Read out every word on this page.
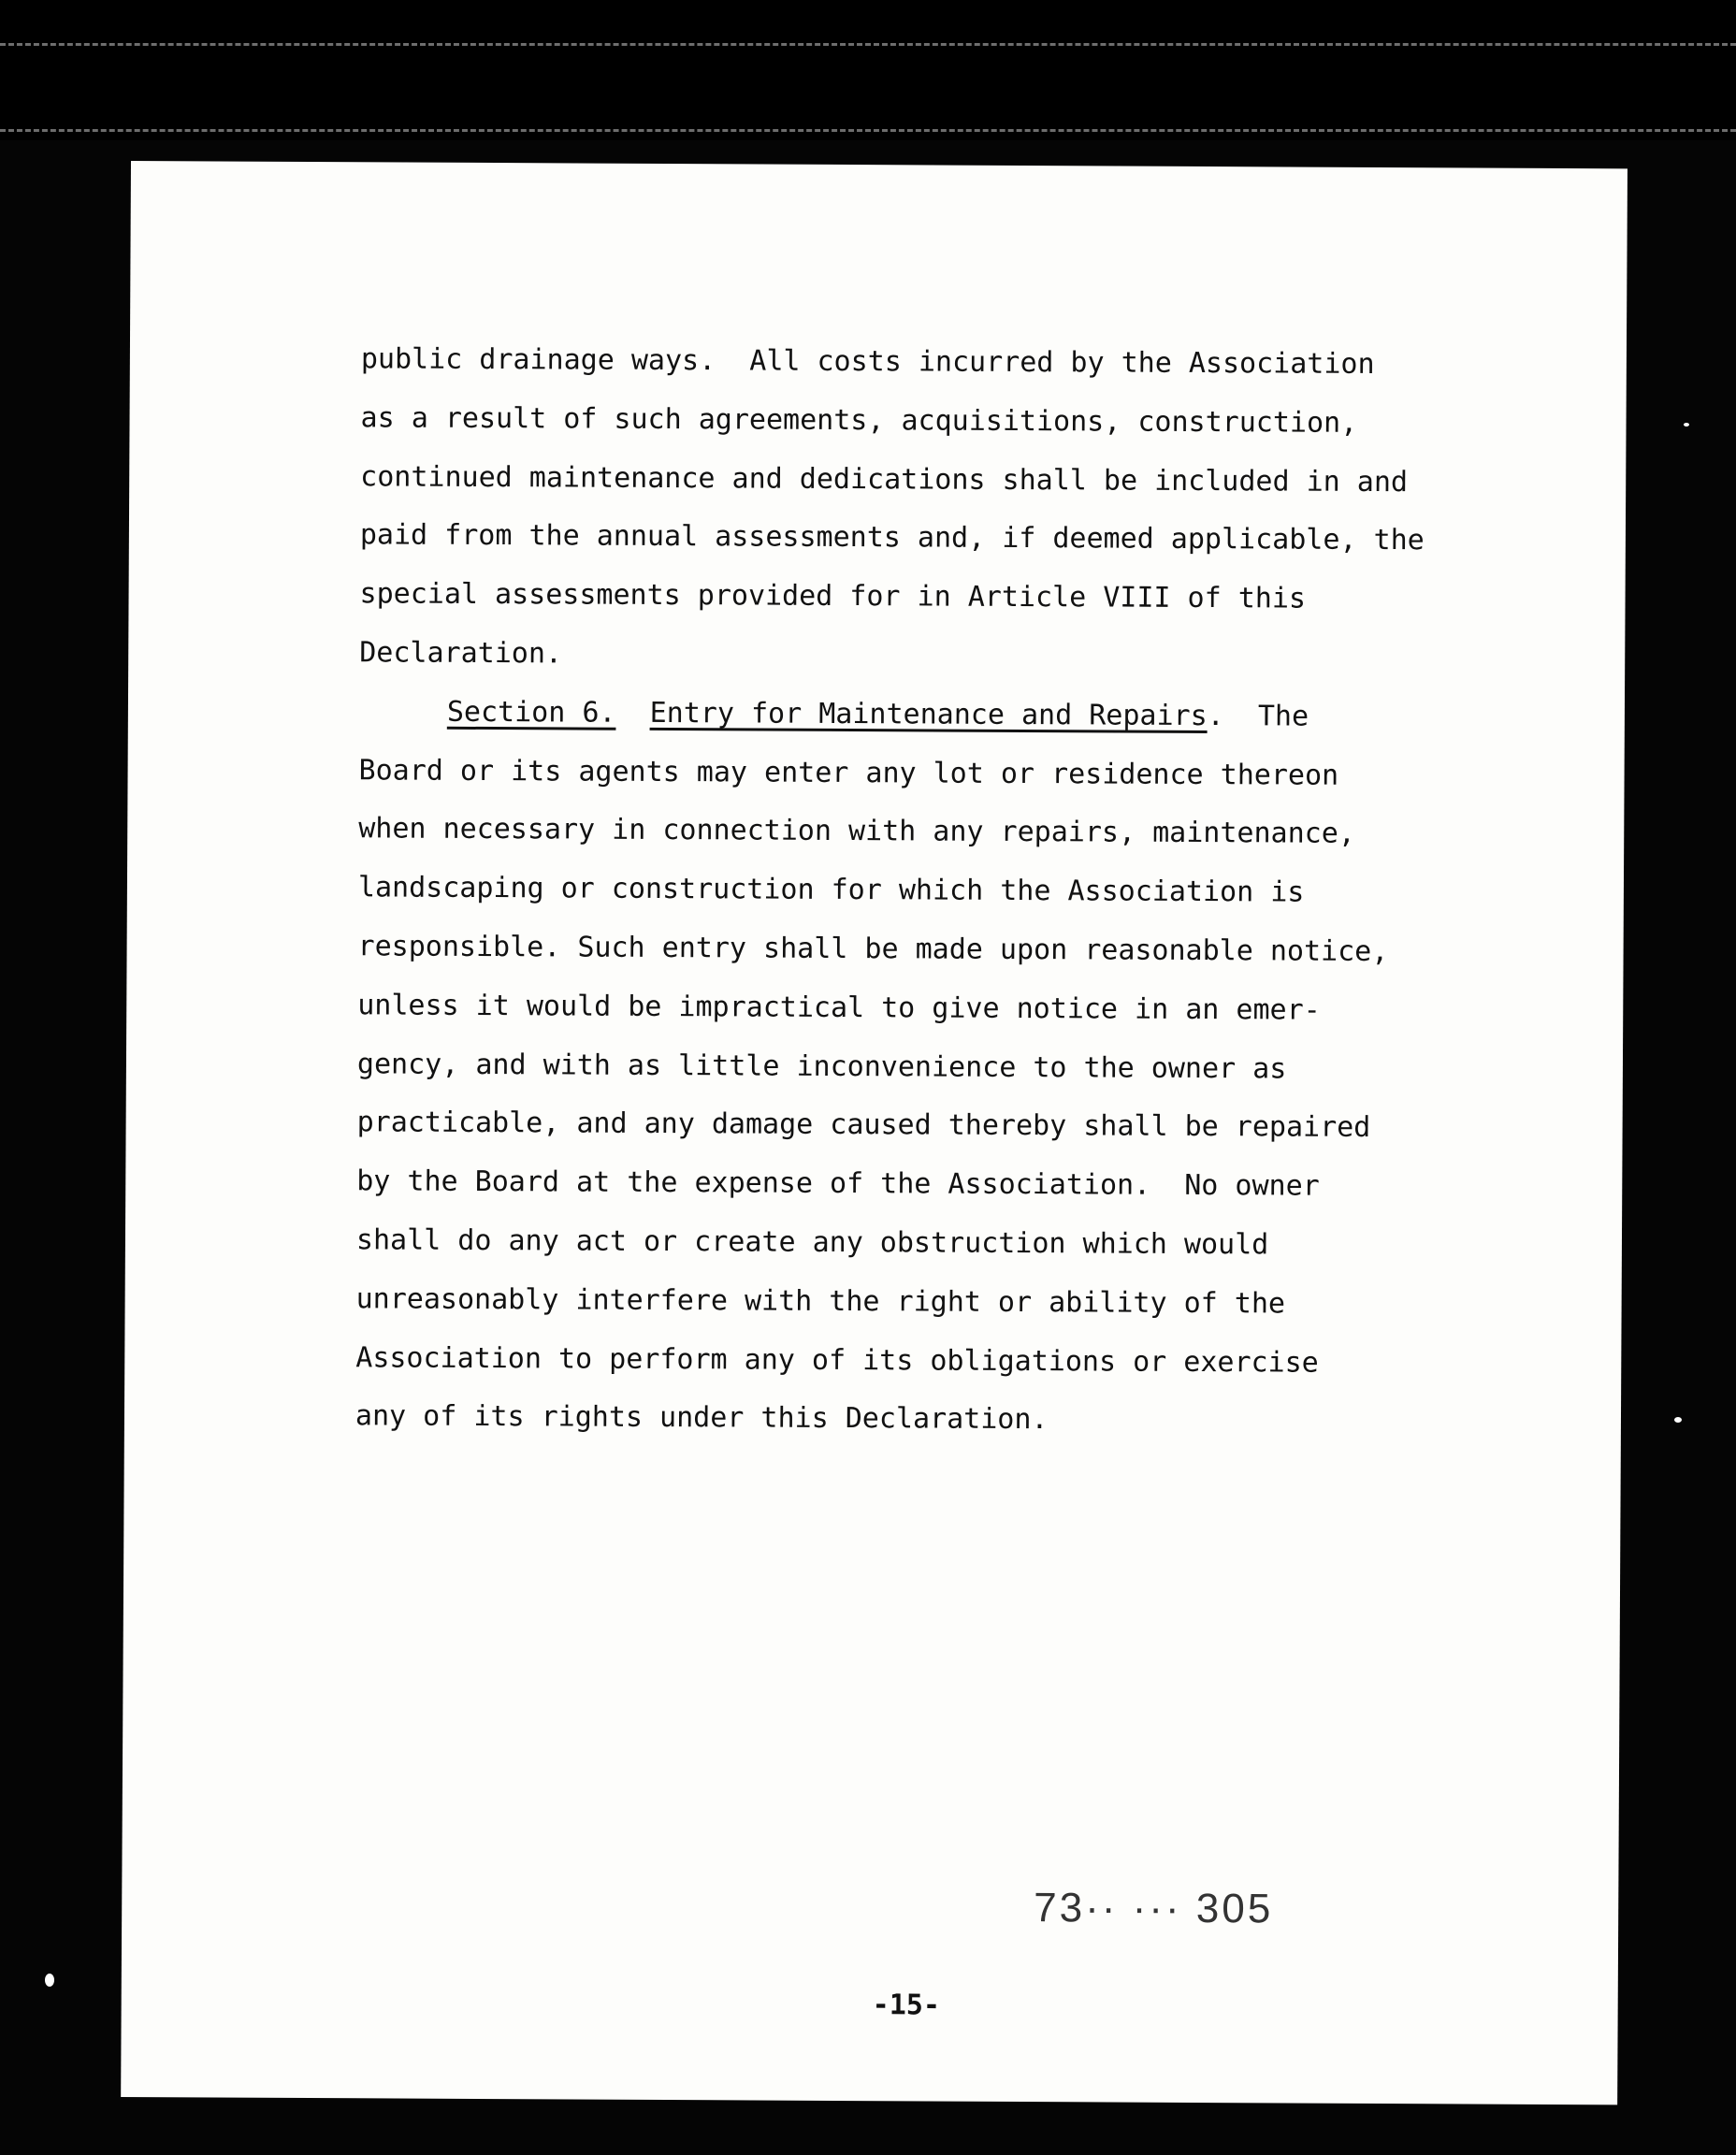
public drainage ways.  All costs incurred by the Association
as a result of such agreements, acquisitions, construction,
continued maintenance and dedications shall be included in and
paid from the annual assessments and, if deemed applicable, the
special assessments provided for in Article VIII of this
Declaration.

Section 6. Entry for Maintenance and Repairs. The
Board or its agents may enter any lot or residence thereon
when necessary in connection with any repairs, maintenance,
landscaping or construction for which the Association is
responsible. Such entry shall be made upon reasonable notice,
unless it would be impractical to give notice in an emer-
gency, and with as little inconvenience to the owner as
practicable, and any damage caused thereby shall be repaired
by the Board at the expense of the Association.  No owner
shall do any act or create any obstruction which would
unreasonably interfere with the right or ability of the
Association to perform any of its obligations or exercise
any of its rights under this Declaration.

73·· ··· 305
-15-
